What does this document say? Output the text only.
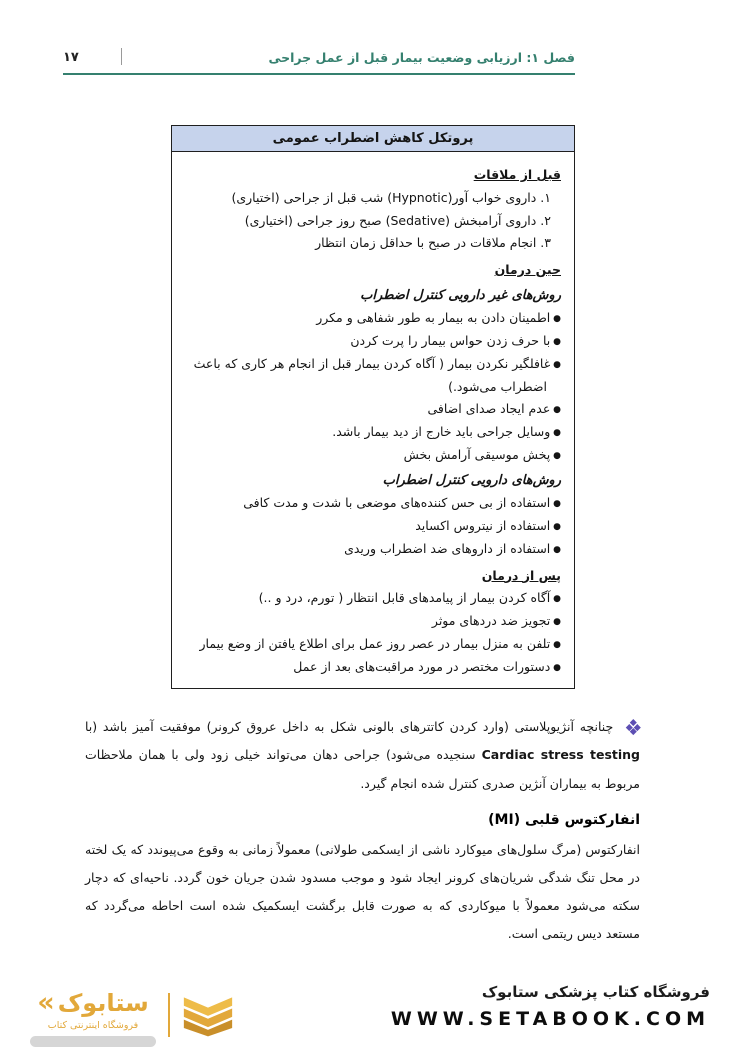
۱۷	فصل ۱: ارزیابی وضعیت بیمار قبل از عمل جراحی
پروتکل کاهش اضطراب عمومی
قبل از ملاقات
۱. داروی خواب آور(Hypnotic) شب قبل از جراحی (اختیاری)
۲. داروی آرامبخش (Sedative) صبح روز جراحی (اختیاری)
۳. انجام ملاقات در صبح با حداقل زمان انتظار
حین درمان
روش‌های غیر دارویی کنترل اضطراب
● اطمینان دادن به بیمار به طور شفاهی و مکرر
● با حرف زدن حواس بیمار را پرت کردن
● غافلگیر نکردن بیمار ( آگاه کردن بیمار قبل از انجام هر کاری که باعث اضطراب می‌شود.)
● عدم ایجاد صدای اضافی
● وسایل جراحی باید خارج از دید بیمار باشد.
● پخش موسیقی آرامش بخش
روش‌های دارویی کنترل اضطراب
● استفاده از بی حس کننده‌های موضعی با شدت و مدت کافی
● استفاده از نیتروس اکساید
● استفاده از داروهای ضد اضطراب وریدی
پس از درمان
● آگاه کردن بیمار از پیامدهای قابل انتظار ( تورم، درد و ..)
● تجویز ضد دردهای موثر
● تلفن به منزل بیمار در عصر روز عمل برای اطلاع یافتن از وضع بیمار
● دستورات مختصر در مورد مراقبت‌های بعد از عمل

چنانچه آنژیوپلاستی (وارد کردن کاتترهای بالونی شکل به داخل عروق کرونر) موفقیت آمیز باشد (با Cardiac stress testing سنجیده می‌شود) جراحی دهان می‌تواند خیلی زود ولی با همان ملاحظات مربوط به بیماران آنژین صدری کنترل شده انجام گیرد.

انفارکتوس قلبی (MI)

انفارکتوس (مرگ سلول‌های میوکارد ناشی از ایسکمی طولانی) معمولاً زمانی به وقوع می‌پیوندد که یک لخته در محل تنگ شدگی شریان‌های کرونر ایجاد شود و موجب مسدود شدن جریان خون گردد. ناحیه‌ای که دچار سکته می‌شود معمولاً با میوکاردی که به صورت قابل برگشت ایسکمیک شده است احاطه می‌گردد که مستعد دیس ریتمی است.

« ستابوک
فروشگاه اینترنتی کتاب
فروشگاه کتاب پزشکی ستابوک
WWW.SETABOOK.COM
